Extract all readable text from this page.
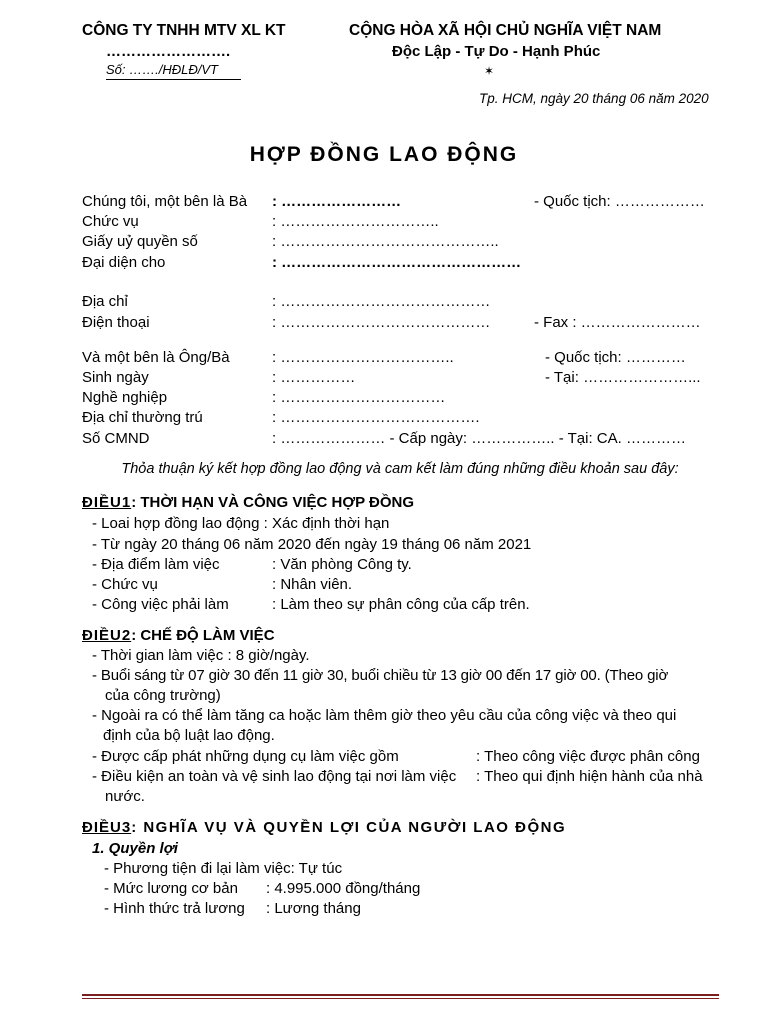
CÔNG TY TNHH MTV XL KT
…………………….
Số: ……./HĐLĐ/VT
CỘNG HÒA XÃ HỘI CHỦ NGHĨA VIỆT NAM
Độc Lập - Tự Do - Hạnh Phúc
✶
Tp. HCM, ngày 20 tháng 06 năm 2020
HỢP ĐỒNG LAO ĐỘNG
Chúng tôi, một bên là Bà : ……………………	- Quốc tịch: ………………
Chức vụ	: …………………………..
Giấy uỷ quyền số	: ……………………………………..
Đại diện cho	: …………………………………………
Địa chỉ	: ……………………………………
Điện thoại	: ……………………………………	- Fax : ……………………
Và một bên là Ông/Bà	: ……………………………..	- Quốc tịch: …………
Sinh ngày	: ……………	- Tại: …………………...
Nghề nghiệp	: ……………………………
Địa chỉ thường trú	: ………………………………….
Số CMND	: ………………… - Cấp ngày: …………….. - Tại: CA. …………
Thỏa thuận ký kết hợp đồng lao động và cam kết làm đúng những điều khoản sau đây:
ĐIỀU1: THỜI HẠN VÀ CÔNG VIỆC HỢP ĐỒNG
- Loai hợp đồng lao động : Xác định thời hạn
- Từ ngày 20 tháng 06 năm 2020 đến ngày 19 tháng 06 năm 2021
- Địa điểm làm việc	: Văn phòng Công ty.
- Chức vụ	: Nhân viên.
- Công việc phải làm	: Làm theo sự phân công của cấp trên.
ĐIỀU2: CHẾ ĐỘ LÀM VIỆC
- Thời gian làm việc : 8 giờ/ngày.
- Buổi sáng từ 07 giờ 30 đến 11 giờ 30, buổi chiều từ 13 giờ 00 đến 17 giờ 00. (Theo giờ
của công trường)
- Ngoài ra có thể làm tăng ca hoặc làm thêm giờ theo yêu cầu của công việc và theo qui
định của bộ luật lao động.
- Được cấp phát những dụng cụ làm việc gồm	: Theo công việc được phân công
- Điều kiện an toàn và vệ sinh lao động tại nơi làm việc : Theo qui định hiện hành của nhà
nước.
ĐIỀU3: NGHĨA VỤ VÀ QUYỀN LỢI CỦA NGƯỜI LAO ĐỘNG
1. Quyền lợi
- Phương tiện đi lại làm việc: Tự túc
- Mức lương cơ bản : 4.995.000 đồng/tháng
- Hình thức trả lương : Lương tháng
